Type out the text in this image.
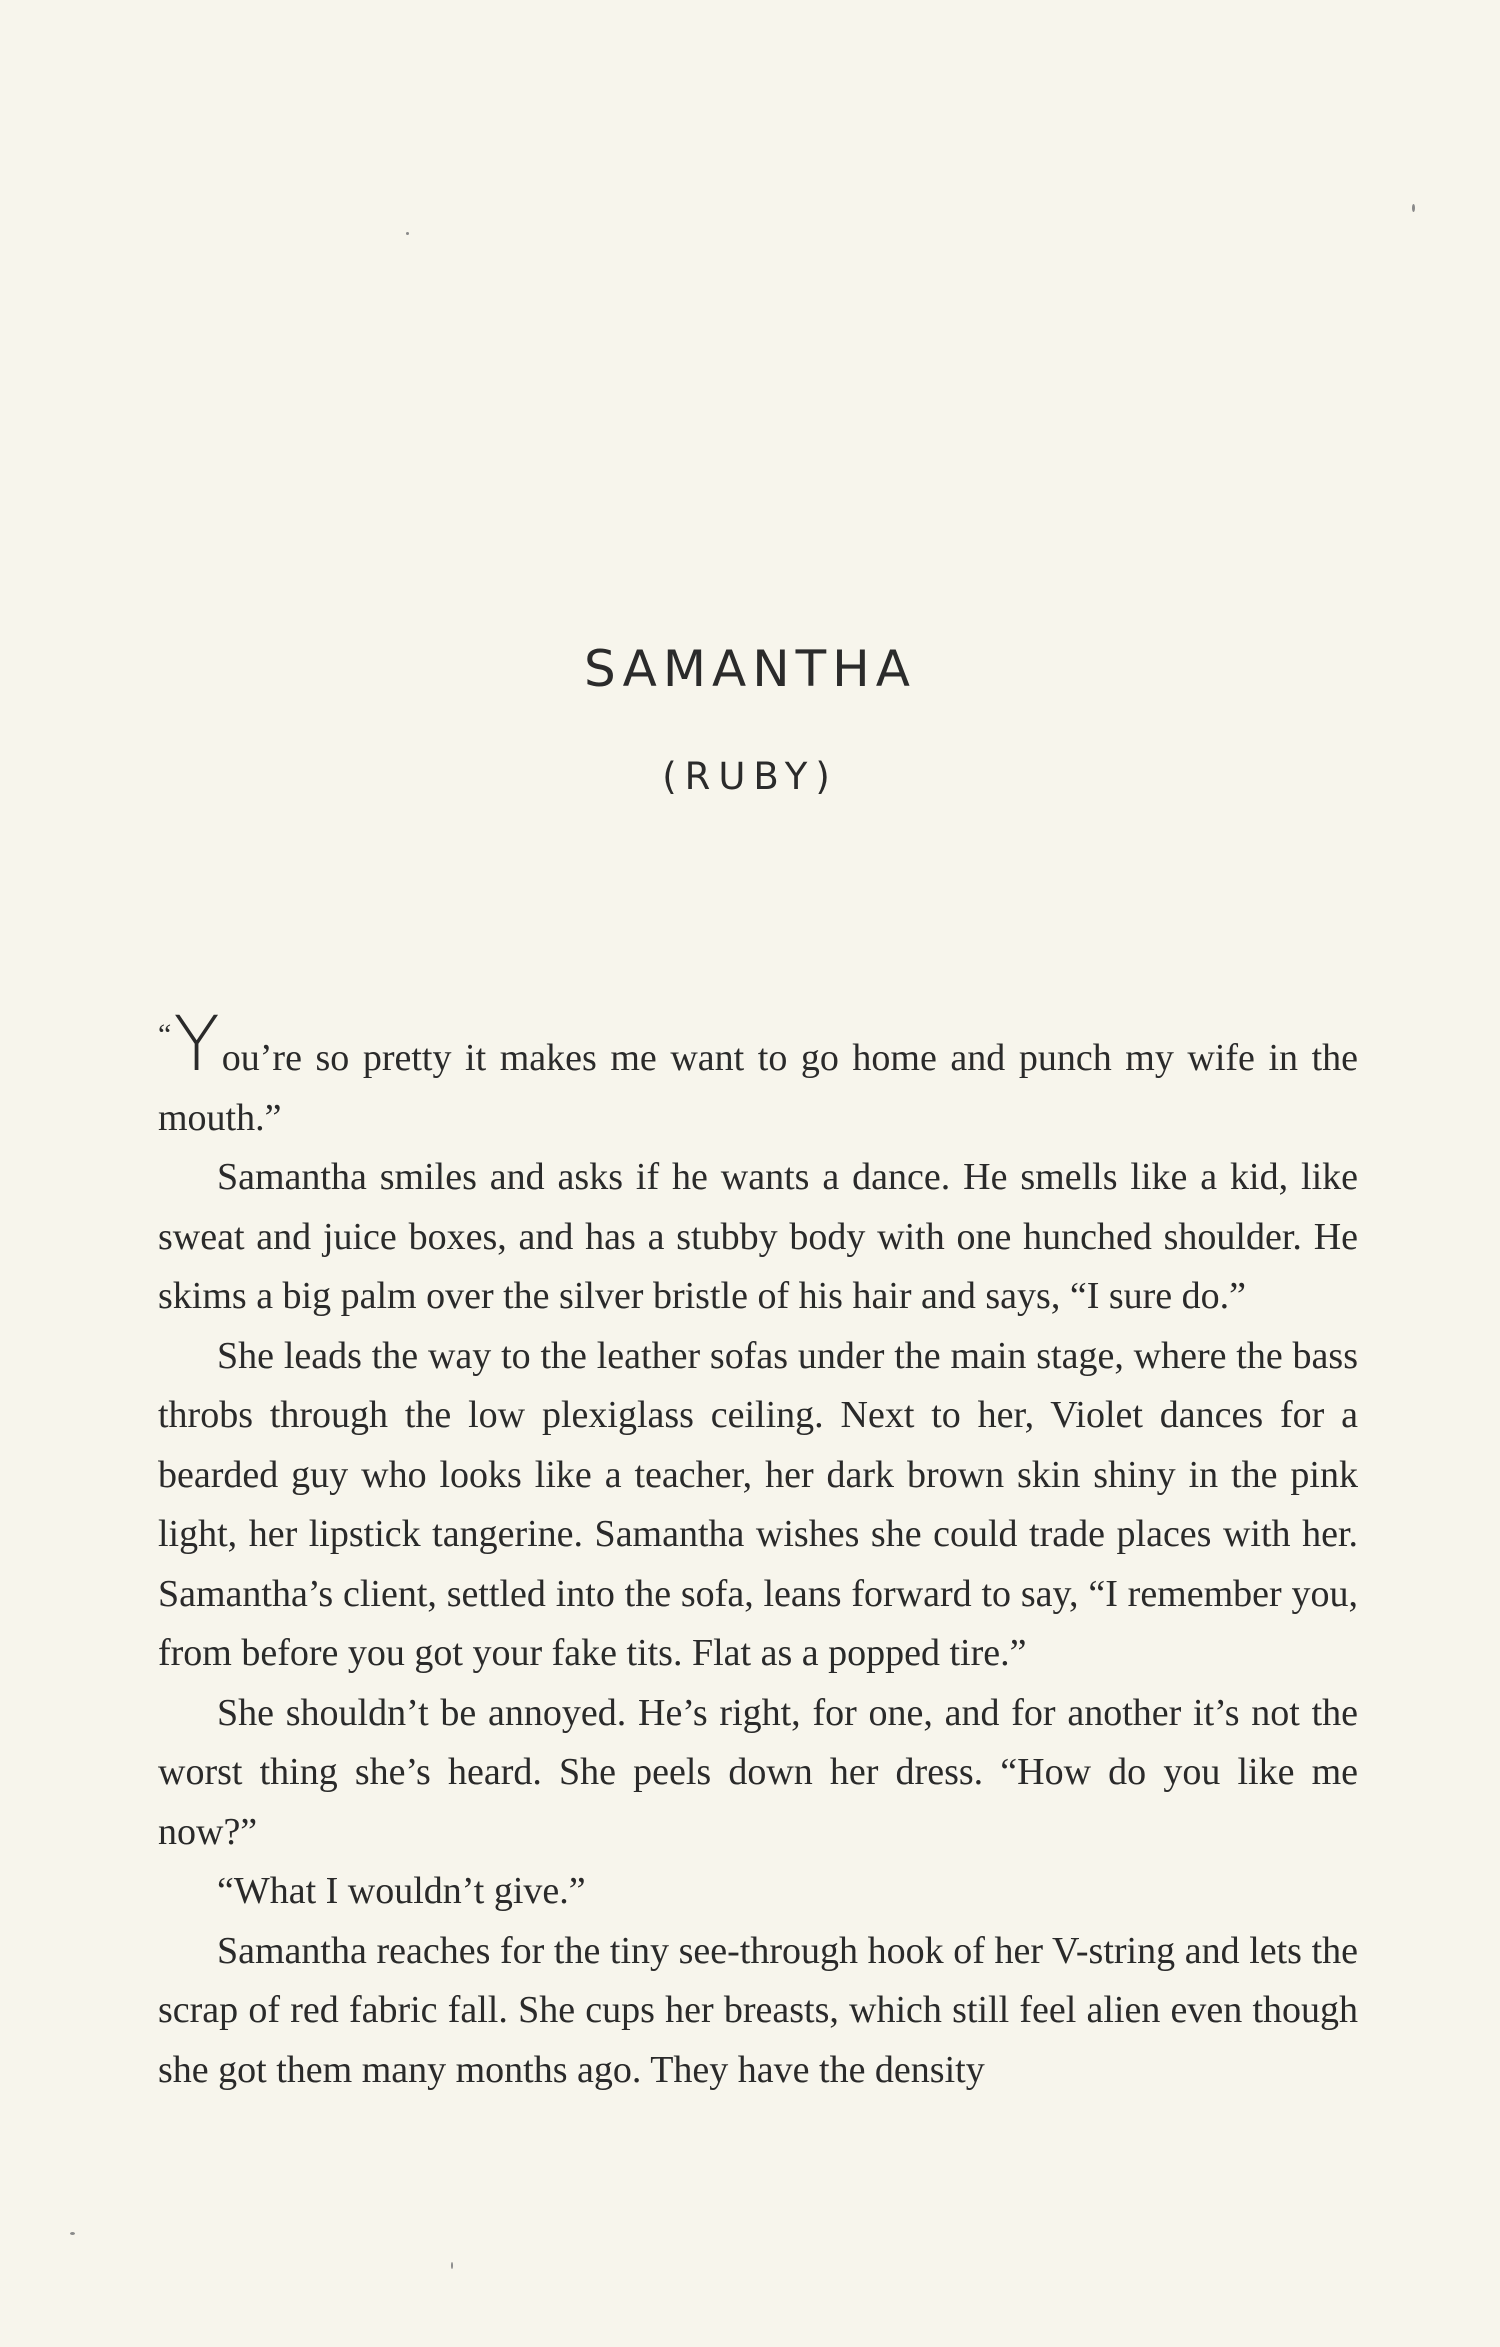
SAMANTHA
(RUBY)

“You’re so pretty it makes me want to go home and punch my wife in the mouth.”

Samantha smiles and asks if he wants a dance. He smells like a kid, like sweat and juice boxes, and has a stubby body with one hunched shoulder. He skims a big palm over the silver bristle of his hair and says, “I sure do.”

She leads the way to the leather sofas under the main stage, where the bass throbs through the low plexiglass ceiling. Next to her, Violet dances for a bearded guy who looks like a teacher, her dark brown skin shiny in the pink light, her lipstick tangerine. Samantha wishes she could trade places with her. Samantha’s client, settled into the sofa, leans forward to say, “I remember you, from before you got your fake tits. Flat as a popped tire.”

She shouldn’t be annoyed. He’s right, for one, and for another it’s not the worst thing she’s heard. She peels down her dress. “How do you like me now?”

“What I wouldn’t give.”

Samantha reaches for the tiny see-through hook of her V-string and lets the scrap of red fabric fall. She cups her breasts, which still feel alien even though she got them many months ago. They have the density
